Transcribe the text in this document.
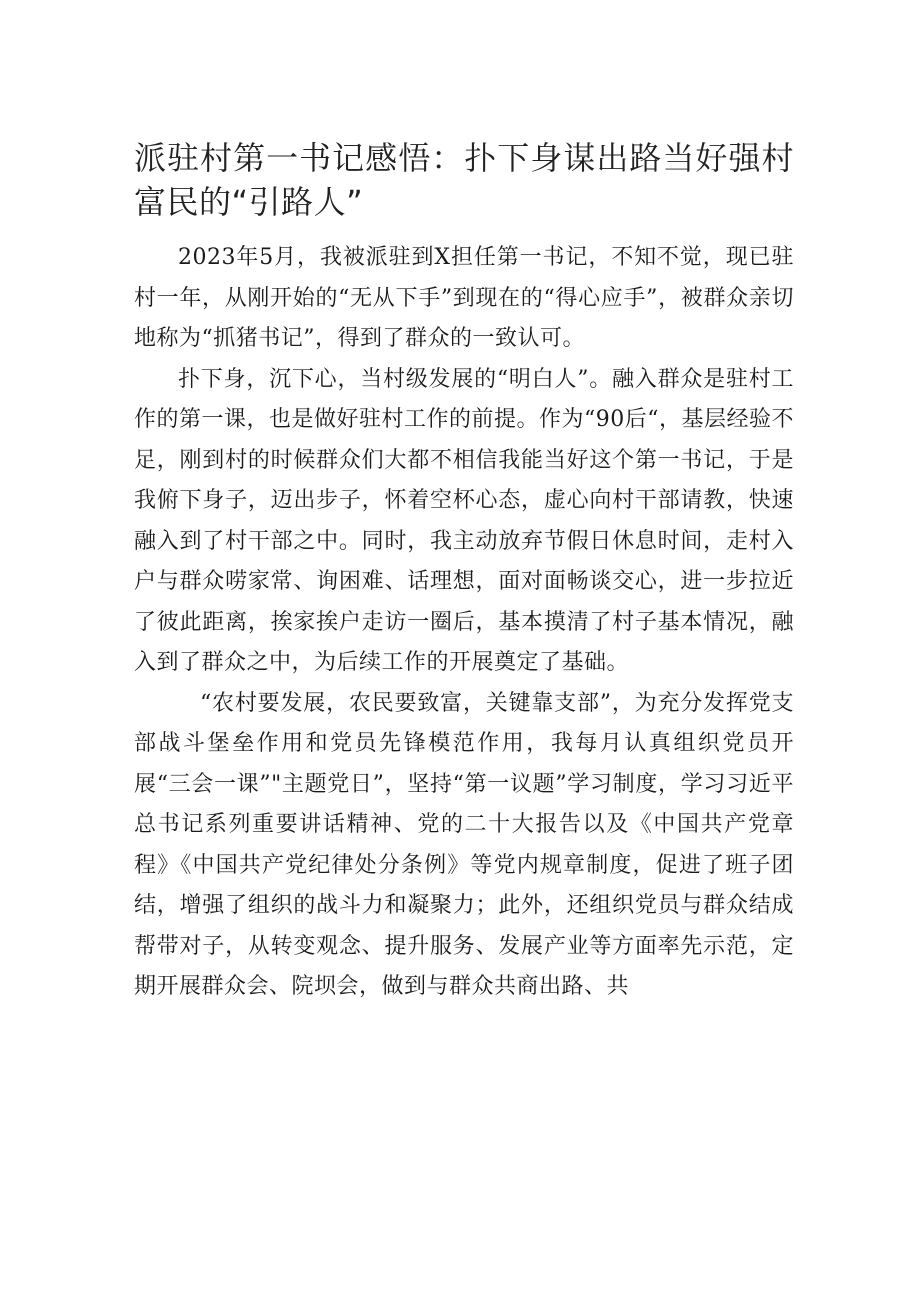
派驻村第一书记感悟：扑下身谋出路当好强村富民的“引路人”

2023年5月，我被派驻到X担任第一书记，不知不觉，现已驻村一年，从刚开始的“无从下手”到现在的“得心应手”，被群众亲切地称为“抓猪书记”，得到了群众的一致认可。

扑下身，沉下心，当村级发展的“明白人”。融入群众是驻村工作的第一课，也是做好驻村工作的前提。作为“90后“，基层经验不足，刚到村的时候群众们大都不相信我能当好这个第一书记，于是我俯下身子，迈出步子，怀着空杯心态，虚心向村干部请教，快速融入到了村干部之中。同时，我主动放弃节假日休息时间，走村入户与群众唠家常、询困难、话理想，面对面畅谈交心，进一步拉近了彼此距离，挨家挨户走访一圈后，基本摸清了村子基本情况，融入到了群众之中，为后续工作的开展奠定了基础。

“农村要发展，农民要致富，关键靠支部”，为充分发挥党支部战斗堡垒作用和党员先锋模范作用，我每月认真组织党员开展“三会一课”"主题党日”，坚持“第一议题”学习制度，学习习近平总书记系列重要讲话精神、党的二十大报告以及《中国共产党章程》《中国共产党纪律处分条例》等党内规章制度，促进了班子团结，增强了组织的战斗力和凝聚力；此外，还组织党员与群众结成帮带对子，从转变观念、提升服务、发展产业等方面率先示范，定期开展群众会、院坝会，做到与群众共商出路、共
